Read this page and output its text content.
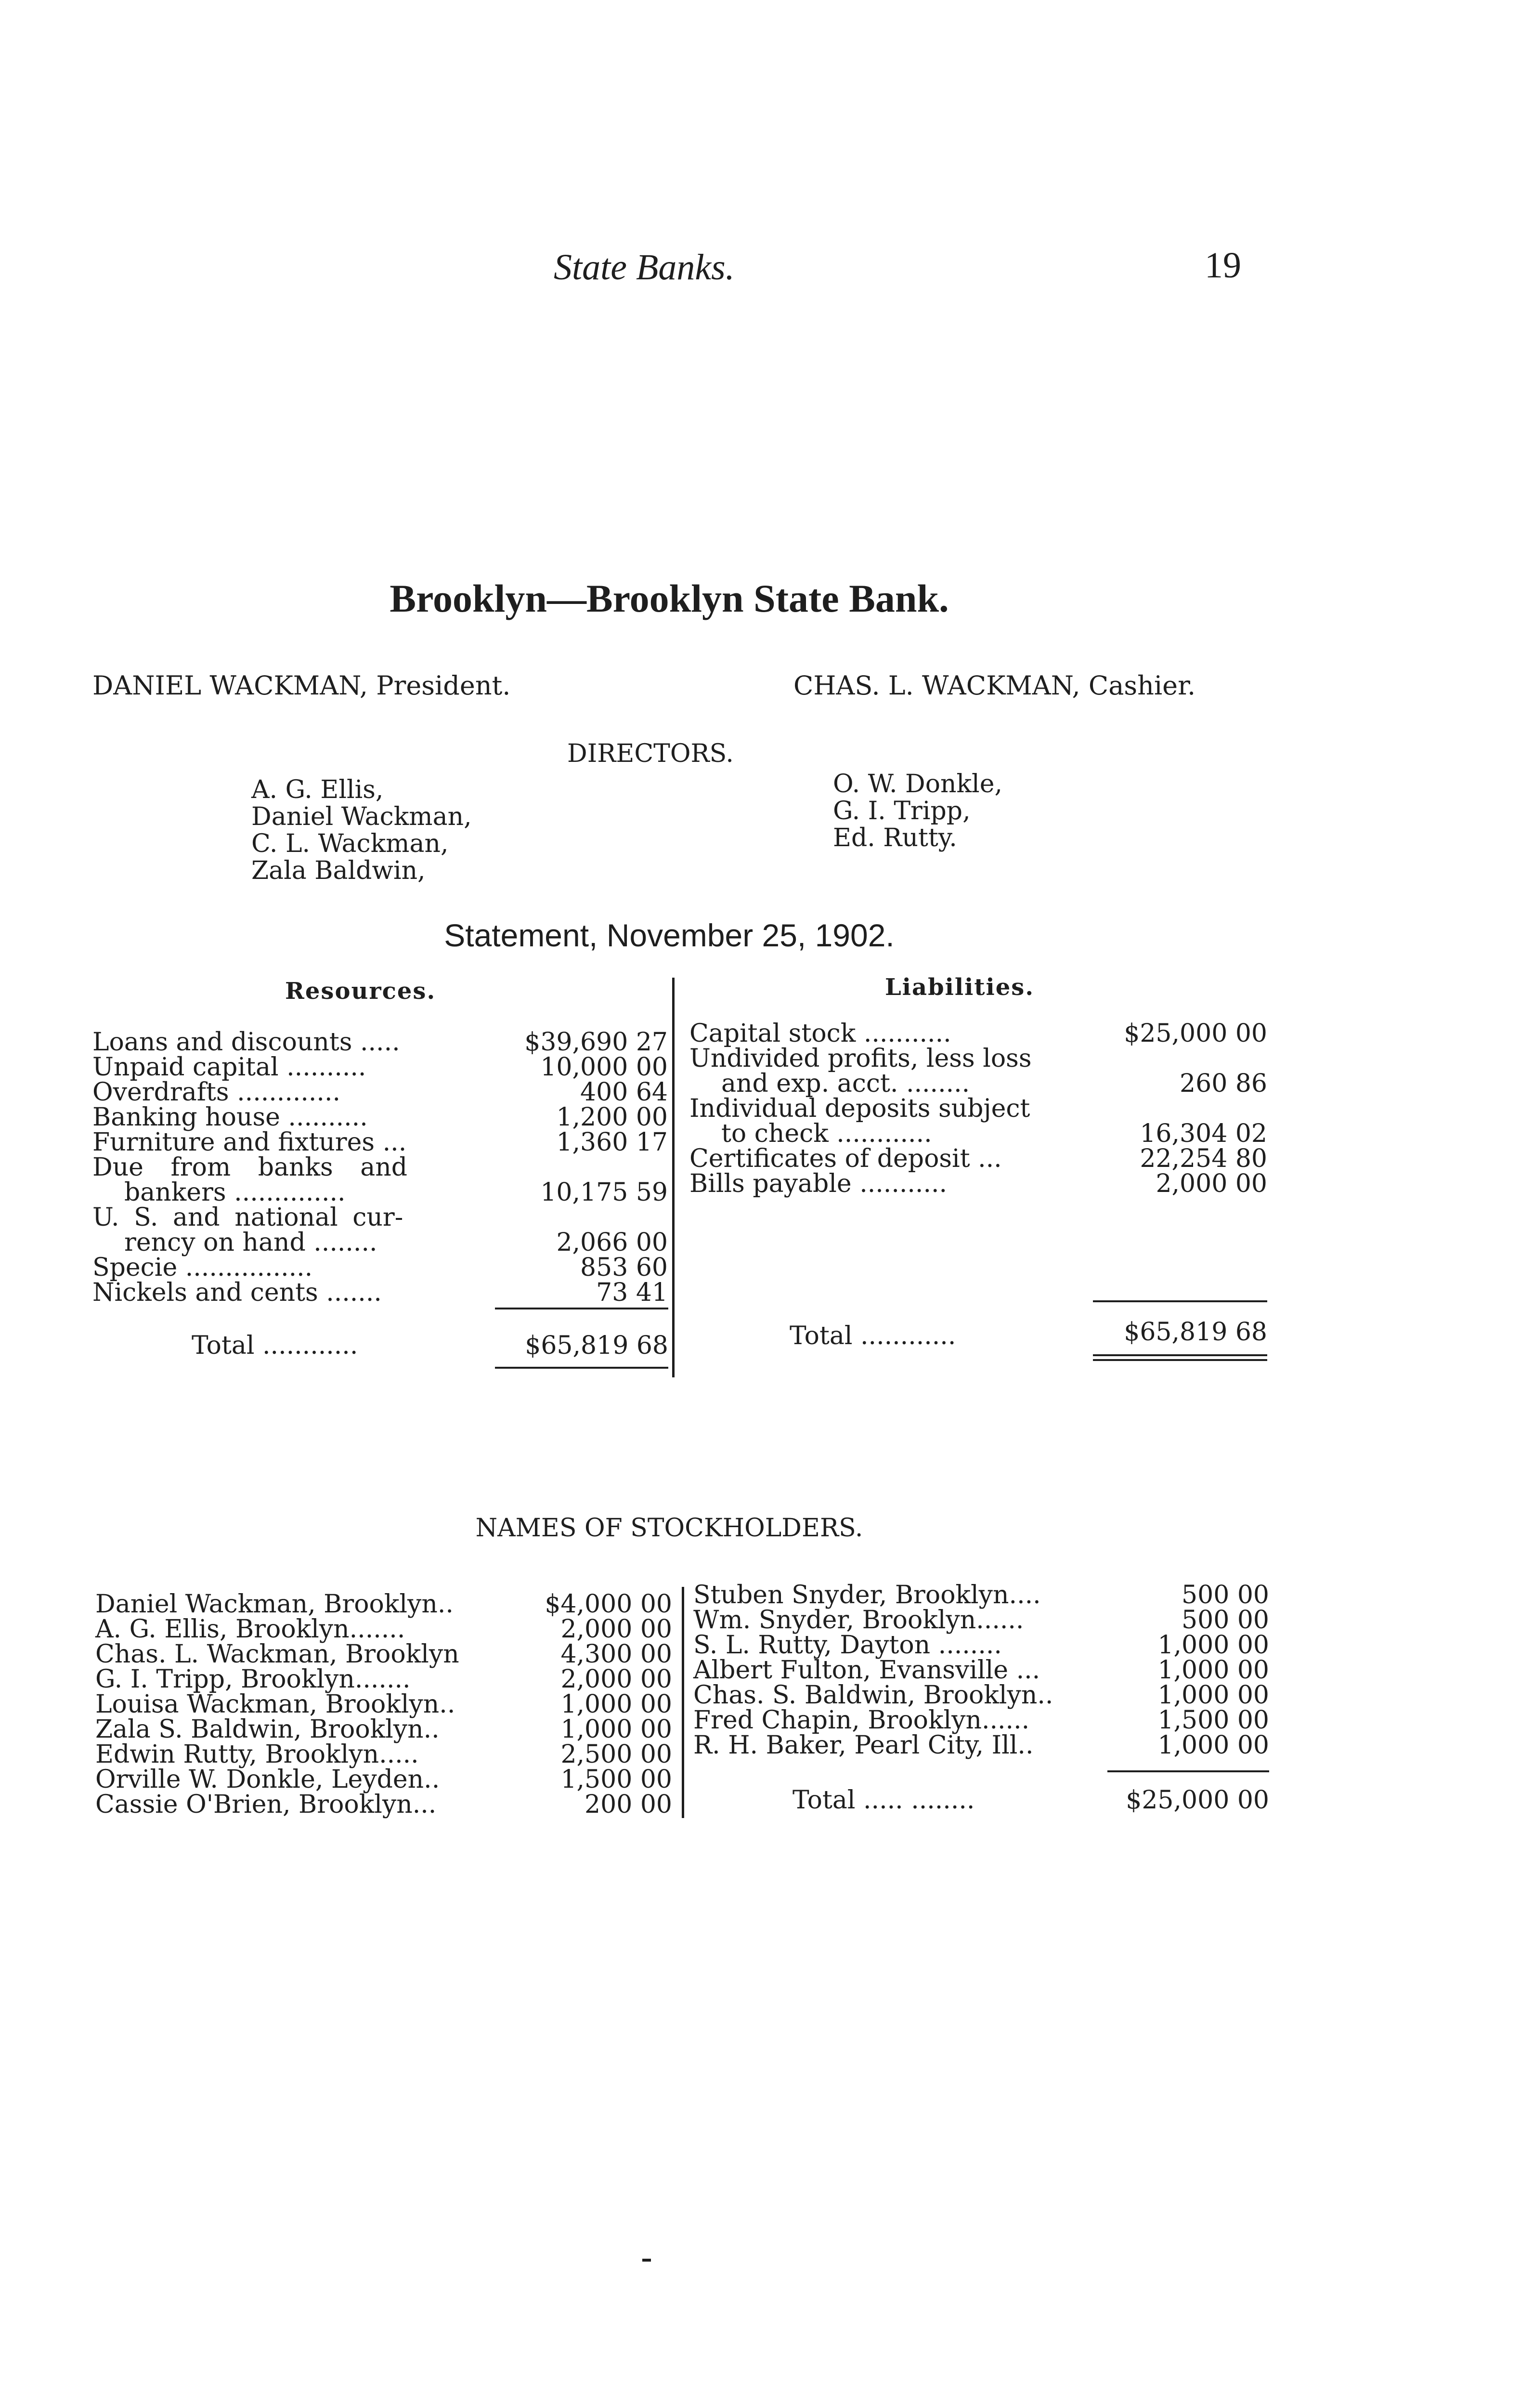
State Banks.	19
Brooklyn—Brooklyn State Bank.
DANIEL WACKMAN, President.	CHAS. L. WACKMAN, Cashier.
DIRECTORS.
A. G. Ellis,
Daniel Wackman,
C. L. Wackman,
Zala Baldwin,
O. W. Donkle,
G. I. Tripp,
Ed. Rutty.
Statement, November 25, 1902.
Resources.	Liabilities.
Loans and discounts .....	$39,690 27
Unpaid capital ..........	10,000 00
Overdrafts .............	400 64
Banking house ..........	1,200 00
Furniture and fixtures ...	1,360 17
Due from banks and
bankers ..............	10,175 59
U. S. and national cur-
rency on hand ........	2,066 00
Specie ................	853 60
Nickels and cents .......	73 41
Total ............	$65,819 68
Capital stock ...........	$25,000 00
Undivided profits, less loss
and exp. acct. ........	260 86
Individual deposits subject
to check ............	16,304 02
Certificates of deposit ...	22,254 80
Bills payable ...........	2,000 00
Total ............	$65,819 68
NAMES OF STOCKHOLDERS.
Daniel Wackman, Brooklyn..	$4,000 00
A. G. Ellis, Brooklyn.......	2,000 00
Chas. L. Wackman, Brooklyn	4,300 00
G. I. Tripp, Brooklyn.......	2,000 00
Louisa Wackman, Brooklyn..	1,000 00
Zala S. Baldwin, Brooklyn..	1,000 00
Edwin Rutty, Brooklyn.....	2,500 00
Orville W. Donkle, Leyden..	1,500 00
Cassie O'Brien, Brooklyn...	200 00
Stuben Snyder, Brooklyn....	500 00
Wm. Snyder, Brooklyn......	500 00
S. L. Rutty, Dayton ........	1,000 00
Albert Fulton, Evansville ...	1,000 00
Chas. S. Baldwin, Brooklyn..	1,000 00
Fred Chapin, Brooklyn......	1,500 00
R. H. Baker, Pearl City, Ill..	1,000 00
Total ..... ........	$25,000 00
